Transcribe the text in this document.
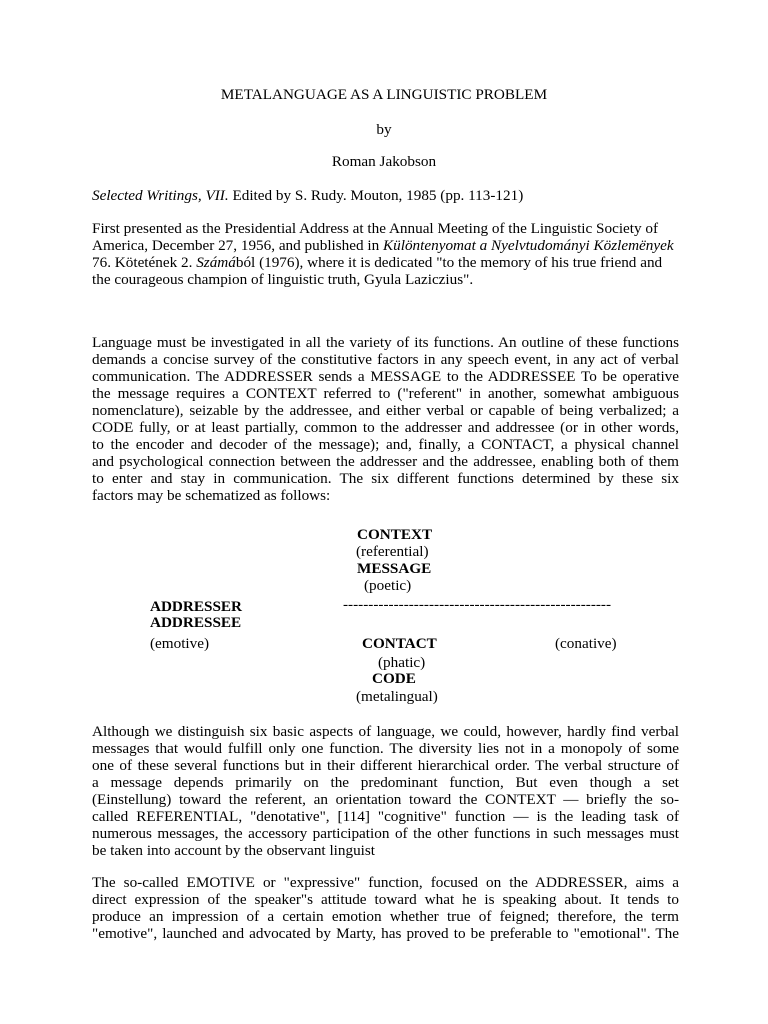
METALANGUAGE AS A LINGUISTIC PROBLEM
by
Roman Jakobson
Selected Writings, VII. Edited by S. Rudy. Mouton, 1985 (pp. 113-121)
First presented as the Presidential Address at the Annual Meeting of the Linguistic Society of America, December 27, 1956, and published in Különtenyomat a Nyelvtudományi Közlemënyek 76. Kötetének 2. Számából (1976), where it is dedicated "to the memory of his true friend and the courageous champion of linguistic truth, Gyula Laziczius".
Language must be investigated in all the variety of its functions. An outline of these functions
demands a concise survey of the constitutive factors in any speech event, in any act of verbal
communication. The ADDRESSER sends a MESSAGE to the ADDRESSEE To be operative
the message requires a CONTEXT referred to ("referent" in another, somewhat ambiguous
nomenclature), seizable by the addressee, and either verbal or capable of being verbalized; a
CODE fully, or at least partially, common to the addresser and addressee (or in other words,
to the encoder and decoder of the message); and, finally, a CONTACT, a physical channel
and psychological connection between the addresser and the addressee, enabling both of them
to enter and stay in communication. The six different functions determined by these six
factors may be schematized as follows:
CONTEXT
(referential)
MESSAGE
(poetic)
ADDRESSER	-----------------------------------------------------
ADDRESSEE
(emotive)	CONTACT	(conative)
(phatic)
CODE
(metalingual)
Although we distinguish six basic aspects of language, we could, however, hardly find verbal
messages that would fulfill only one function. The diversity lies not in a monopoly of some
one of these several functions but in their different hierarchical order. The verbal structure of
a message depends primarily on the predominant function, But even though a set
(Einstellung) toward the referent, an orientation toward the CONTEXT — briefly the so-
called REFERENTIAL, "denotative", [114] "cognitive" function — is the leading task of
numerous messages, the accessory participation of the other functions in such messages must
be taken into account by the observant linguist
The so-called EMOTIVE or "expressive" function, focused on the ADDRESSER, aims a
direct expression of the speaker"s attitude toward what he is speaking about. It tends to
produce an impression of a certain emotion whether true of feigned; therefore, the term
"emotive", launched and advocated by Marty, has proved to be preferable to "emotional". The
